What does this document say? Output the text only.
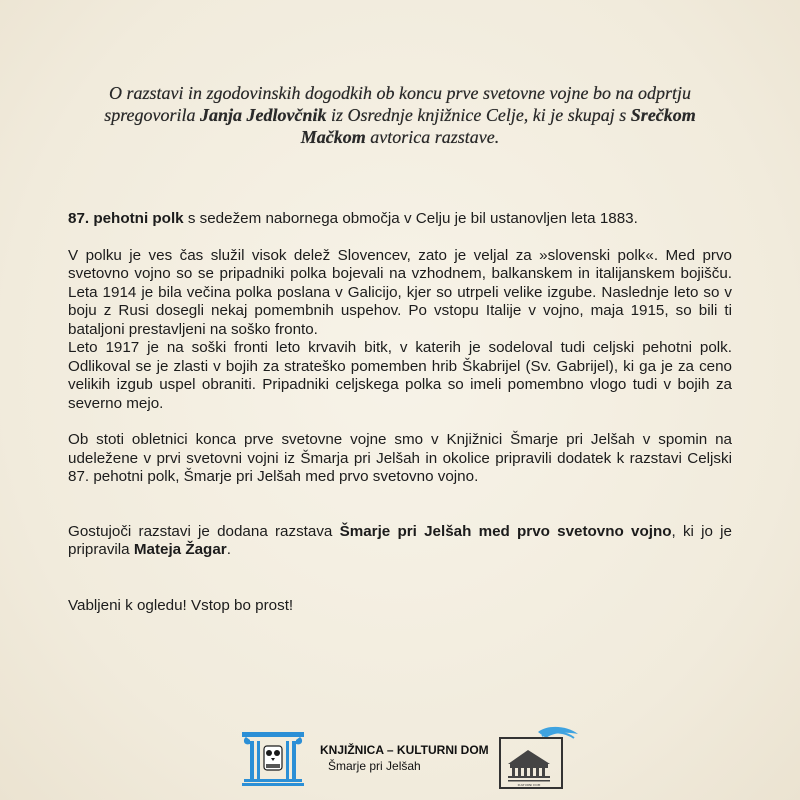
O razstavi in zgodovinskih dogodkih ob koncu prve svetovne vojne bo na odprtju spregovorila Janja Jedlovčnik iz Osrednje knjižnice Celje, ki je skupaj s Srečkom Mačkom avtorica razstave.

87. pehotni polk s sedežem nabornega območja v Celju je bil ustanovljen leta 1883.

V polku je ves čas služil visok delež Slovencev, zato je veljal za »slovenski polk«. Med prvo svetovno vojno so se pripadniki polka bojevali na vzhodnem, balkanskem in italijanskem bojišču. Leta 1914 je bila večina polka poslana v Galicijo, kjer so utrpeli velike izgube. Naslednje leto so v boju z Rusi dosegli nekaj pomembnih uspehov. Po vstopu Italije v vojno, maja 1915, so bili ti bataljoni prestavljeni na soško fronto.

Leto 1917 je na soški fronti leto krvavih bitk, v katerih je sodeloval tudi celjski pehotni polk. Odlikoval se je zlasti v bojih za strateško pomemben hrib Škabrijel (Sv. Gabrijel), ki ga je za ceno velikih izgub uspel obraniti. Pripadniki celjskega polka so imeli pomembno vlogo tudi v bojih za severno mejo.

Ob stoti obletnici konca prve svetovne vojne smo v Knjižnici Šmarje pri Jelšah v spomin na udeležene v prvi svetovni vojni iz Šmarja pri Jelšah in okolice pripravili dodatek k razstavi Celjski 87. pehotni polk, Šmarje pri Jelšah med prvo svetovno vojno.

Gostujoči razstavi je dodana razstava Šmarje pri Jelšah med prvo svetovno vojno, ki jo je pripravila Mateja Žagar.

Vabljeni k ogledu! Vstop bo prost!

KNJIŽNICA – KULTURNI DOM
Šmarje pri Jelšah
KULTURNI DOM
